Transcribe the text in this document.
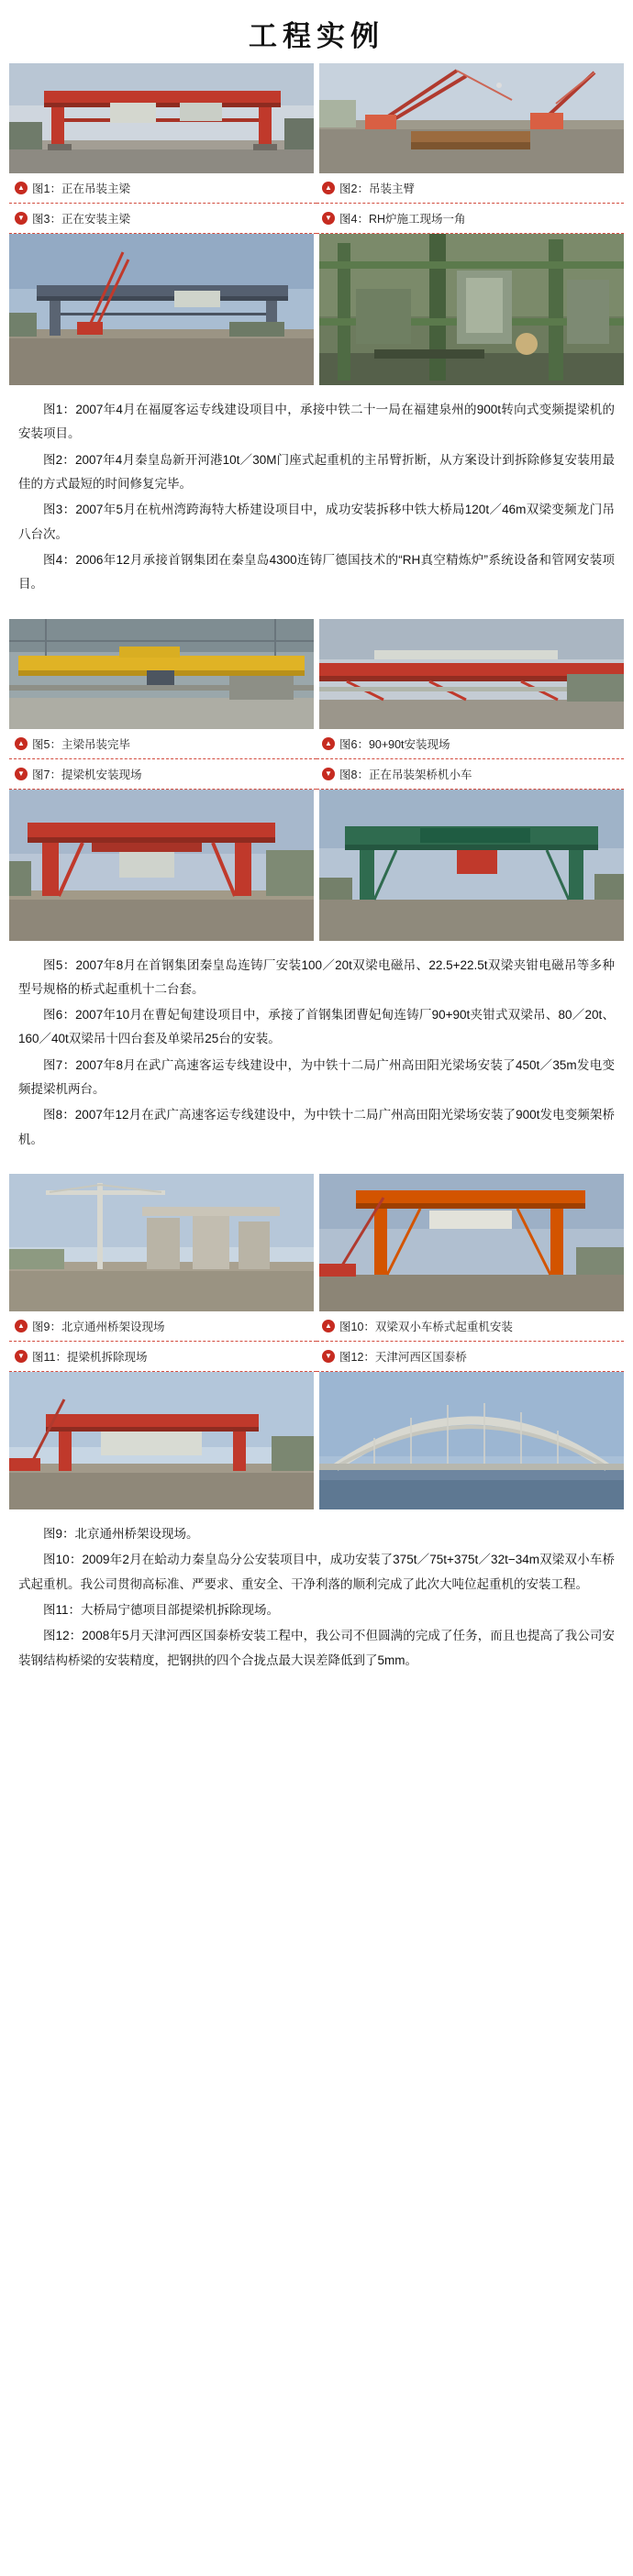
工程实例
▲ 图1：正在吊装主梁	▲ 图2：吊装主臂
▼ 图3：正在安装主梁	▼ 图4：RH炉施工现场一角

图1：2007年4月在福厦客运专线建设项目中，承接中铁二十一局在福建泉州的900t转向式变频提梁机的安装项目。

图2：2007年4月秦皇岛新开河港10t／30M门座式起重机的主吊臂折断，从方案设计到拆除修复安装用最佳的方式最短的时间修复完毕。

图3：2007年5月在杭州湾跨海特大桥建设项目中，成功安装拆移中铁大桥局120t／46m双梁变频龙门吊八台次。

图4：2006年12月承接首钢集团在秦皇岛4300连铸厂德国技术的“RH真空精炼炉”系统设备和管网安装项目。

▲ 图5：主梁吊装完毕	▲ 图6：90+90t安装现场
▼ 图7：提梁机安装现场	▼ 图8：正在吊装架桥机小车

图5：2007年8月在首钢集团秦皇岛连铸厂安装100／20t双梁电磁吊、22.5+22.5t双梁夹钳电磁吊等多种型号规格的桥式起重机十二台套。

图6：2007年10月在曹妃甸建设项目中，承接了首钢集团曹妃甸连铸厂90+90t夹钳式双梁吊、80／20t、160／40t双梁吊十四台套及单梁吊25台的安装。

图7：2007年8月在武广高速客运专线建设中，为中铁十二局广州高田阳光梁场安装了450t／35m发电变频提梁机两台。

图8：2007年12月在武广高速客运专线建设中，为中铁十二局广州高田阳光梁场安装了900t发电变频架桥机。

▲ 图9：北京通州桥架设现场	▲ 图10：双梁双小车桥式起重机安装
▼ 图11：提梁机拆除现场	▼ 图12：天津河西区国泰桥

图9：北京通州桥架设现场。

图10：2009年2月在蛤动力秦皇岛分公安装项目中，成功安装了375t／75t+375t／32t−34m双梁双小车桥式起重机。我公司贯彻高标准、严要求、重安全、干净利落的顺利完成了此次大吨位起重机的安装工程。

图11：大桥局宁德项目部提梁机拆除现场。

图12：2008年5月天津河西区国泰桥安装工程中，我公司不但圆满的完成了任务，而且也提高了我公司安装钢结构桥梁的安装精度，把钢拱的四个合拢点最大误差降低到了5mm。
